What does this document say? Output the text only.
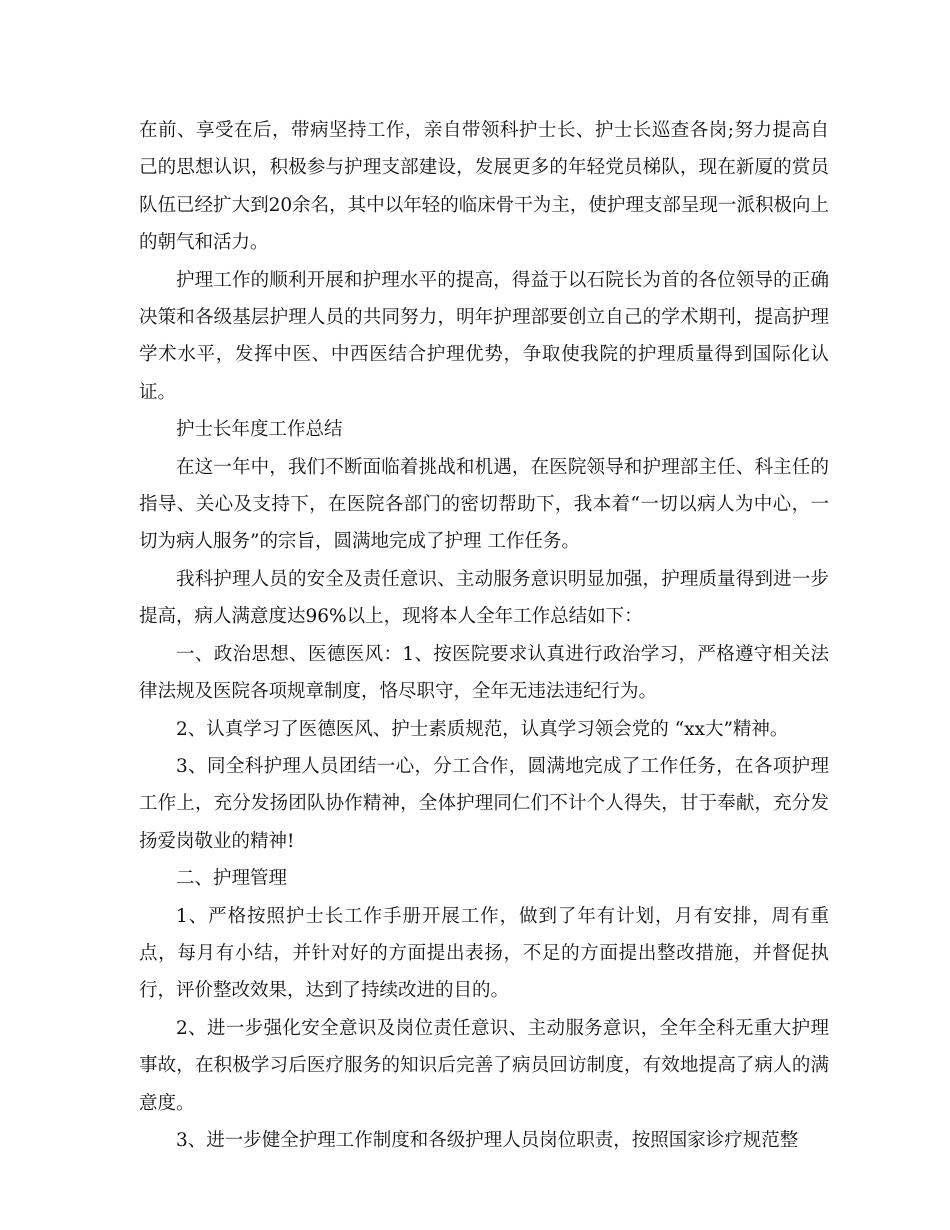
在前、享受在后，带病坚持工作，亲自带领科护士长、护士长巡查各岗;努力提高自己的思想认识，积极参与护理支部建设，发展更多的年轻党员梯队，现在新厦的赏员队伍已经扩大到20余名，其中以年轻的临床骨干为主，使护理支部呈现一派积极向上的朝气和活力。

护理工作的顺利开展和护理水平的提高，得益于以石院长为首的各位领导的正确决策和各级基层护理人员的共同努力，明年护理部要创立自己的学术期刊，提高护理学术水平，发挥中医、中西医结合护理优势，争取使我院的护理质量得到国际化认证。

护士长年度工作总结

在这一年中，我们不断面临着挑战和机遇，在医院领导和护理部主任、科主任的指导、关心及支持下，在医院各部门的密切帮助下，我本着“一切以病人为中心，一切为病人服务”的宗旨，圆满地完成了护理 工作任务。

我科护理人员的安全及责任意识、主动服务意识明显加强，护理质量得到进一步提高，病人满意度达96%以上，现将本人全年工作总结如下：

一、政治思想、医德医风：1、按医院要求认真进行政治学习，严格遵守相关法律法规及医院各项规章制度，恪尽职守，全年无违法违纪行为。

2、认真学习了医德医风、护士素质规范，认真学习领会党的 “xx大”精神。

3、同全科护理人员团结一心，分工合作，圆满地完成了工作任务，在各项护理工作上，充分发扬团队协作精神，全体护理同仁们不计个人得失，甘于奉献，充分发扬爱岗敬业的精神!

二、护理管理

1、严格按照护士长工作手册开展工作，做到了年有计划，月有安排，周有重点，每月有小结，并针对好的方面提出表扬，不足的方面提出整改措施，并督促执行，评价整改效果，达到了持续改进的目的。

2、进一步强化安全意识及岗位责任意识、主动服务意识，全年全科无重大护理事故，在积极学习后医疗服务的知识后完善了病员回访制度，有效地提高了病人的满意度。

3、进一步健全护理工作制度和各级护理人员岗位职责，按照国家诊疗规范整
